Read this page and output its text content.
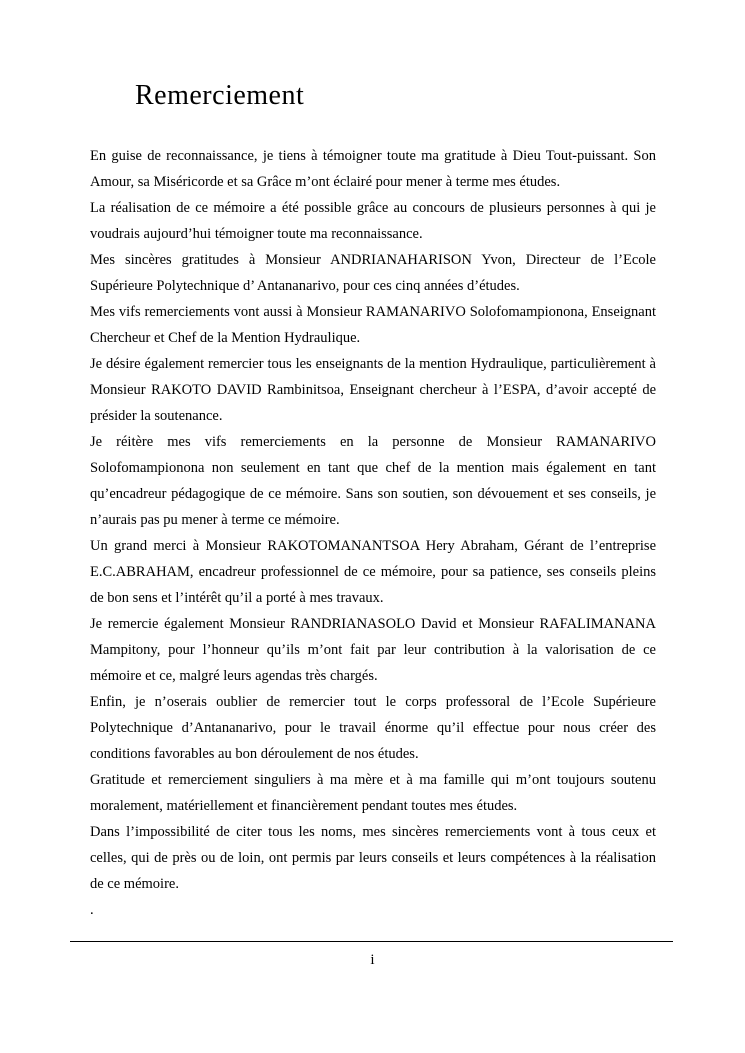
Remerciement

En guise de reconnaissance, je tiens à témoigner toute ma gratitude à Dieu Tout-puissant. Son Amour, sa Miséricorde et sa Grâce m’ont éclairé pour mener à terme mes études.

La réalisation de ce mémoire a été possible grâce au concours de plusieurs personnes à qui je voudrais aujourd’hui témoigner toute ma reconnaissance.

Mes sincères gratitudes à Monsieur ANDRIANAHARISON Yvon, Directeur de l’Ecole Supérieure Polytechnique d’ Antananarivo, pour ces cinq années d’études.

Mes vifs remerciements vont aussi à Monsieur RAMANARIVO Solofomampionona, Enseignant Chercheur et Chef de la Mention Hydraulique.

Je désire également remercier tous les enseignants de la mention Hydraulique, particulièrement à Monsieur RAKOTO DAVID Rambinitsoa, Enseignant chercheur à l’ESPA, d’avoir accepté de présider la soutenance.

Je réitère mes vifs remerciements en la personne de Monsieur RAMANARIVO Solofomampionona non seulement en tant que chef de la mention mais également en tant qu’encadreur pédagogique de ce mémoire. Sans son soutien, son dévouement et ses conseils, je n’aurais pas pu mener à terme ce mémoire.

Un grand merci à Monsieur RAKOTOMANANTSOA Hery Abraham, Gérant de l’entreprise E.C.ABRAHAM, encadreur professionnel de ce mémoire, pour sa patience, ses conseils pleins de bon sens et l’intérêt qu’il a porté à mes travaux.

Je remercie également Monsieur RANDRIANASOLO David et Monsieur RAFALIMANANA Mampitony, pour l’honneur qu’ils m’ont fait par leur contribution à la valorisation de ce mémoire et ce, malgré leurs agendas très chargés.

Enfin, je n’oserais oublier de remercier tout le corps professoral de l’Ecole Supérieure Polytechnique d’Antananarivo, pour le travail énorme qu’il effectue pour nous créer des conditions favorables au bon déroulement de nos études.

Gratitude et remerciement singuliers à ma mère et à ma famille qui m’ont toujours soutenu moralement, matériellement et financièrement pendant toutes mes études.

Dans l’impossibilité de citer tous les noms, mes sincères remerciements vont à tous ceux et celles, qui de près ou de loin, ont permis par leurs conseils et leurs compétences à la réalisation de ce mémoire.

.

i
